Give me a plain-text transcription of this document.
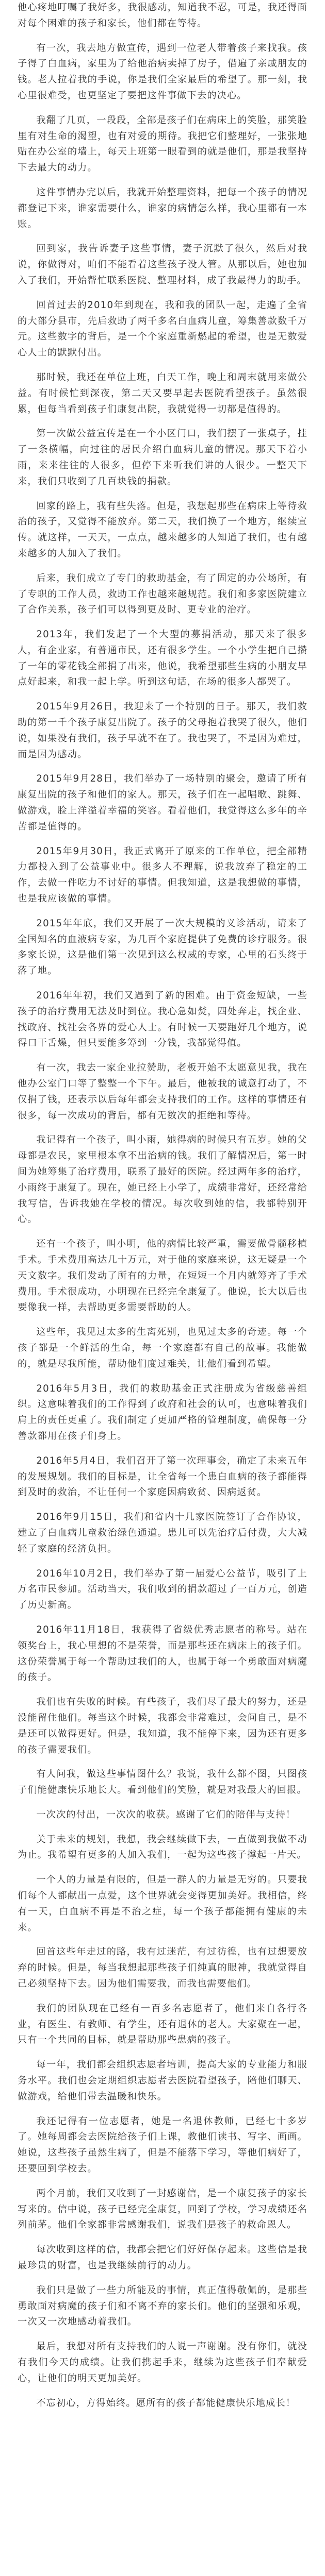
他心疼地叮嘱了我好多，我很感动，知道我不忍，可是，我还得面对每个困难的孩子和家长，他们都在等待。

有一次，我去地方做宣传，遇到一位老人带着孩子来找我。孩子得了白血病，家里为了给他治病卖掉了房子，借遍了亲戚朋友的钱。老人拉着我的手说，你是我们全家最后的希望了。那一刻，我心里很难受，也更坚定了要把这件事做下去的决心。

我翻了几页，一段段，全部是孩子们在病床上的笑脸，那笑脸里有对生命的渴望，也有对爱的期待。我把它们整理好，一张张地贴在办公室的墙上，每天上班第一眼看到的就是他们，那是我坚持下去最大的动力。

这件事情办完以后，我就开始整理资料，把每一个孩子的情况都登记下来，谁家需要什么，谁家的病情怎么样，我心里都有一本账。

回到家，我告诉妻子这些事情，妻子沉默了很久，然后对我说，你做得对，咱们不能看着这些孩子没人管。从那以后，她也加入了我们，开始帮忙联系医院、整理材料，成了我最得力的助手。

回首过去的2010年到现在，我和我的团队一起，走遍了全省的大部分县市，先后救助了两千多名白血病儿童，筹集善款数千万元。这些数字的背后，是一个个家庭重新燃起的希望，也是无数爱心人士的默默付出。

那时候，我还在单位上班，白天工作，晚上和周末就用来做公益。有时候忙到深夜，第二天又要早起去医院看望孩子。虽然很累，但每当看到孩子们康复出院，我就觉得一切都是值得的。

第一次做公益宣传是在一个小区门口，我们摆了一张桌子，挂了一条横幅，向过往的居民介绍白血病儿童的情况。那天下着小雨，来来往往的人很多，但停下来听我们讲的人很少。一整天下来，我们只收到了几百块钱的捐款。

回家的路上，我有些失落。但是，我想起那些在病床上等待救治的孩子，又觉得不能放弃。第二天，我们换了一个地方，继续宣传。就这样，一天天，一点点，越来越多的人知道了我们，也有越来越多的人加入了我们。

后来，我们成立了专门的救助基金，有了固定的办公场所，有了专职的工作人员，救助工作也越来越规范。我们和多家医院建立了合作关系，孩子们可以得到更及时、更专业的治疗。

2013年，我们发起了一个大型的募捐活动，那天来了很多人，有企业家，有普通市民，还有很多学生。一个小学生把自己攒了一年的零花钱全部捐了出来，他说，我希望那些生病的小朋友早点好起来，和我一起上学。听到这句话，在场的很多人都哭了。

2015年9月26日，我迎来了一个特别的日子。那天，我们救助的第一千个孩子康复出院了。孩子的父母抱着我哭了很久，他们说，如果没有我们，孩子早就不在了。我也哭了，不是因为难过，而是因为感动。

2015年9月28日，我们举办了一场特别的聚会，邀请了所有康复出院的孩子和他们的家人。那天，孩子们在一起唱歌、跳舞、做游戏，脸上洋溢着幸福的笑容。看着他们，我觉得这么多年的辛苦都是值得的。

2015年9月30日，我正式离开了原来的工作单位，把全部精力都投入到了公益事业中。很多人不理解，说我放弃了稳定的工作，去做一件吃力不讨好的事情。但我知道，这是我想做的事情，也是我应该做的事情。

2015年年底，我们又开展了一次大规模的义诊活动，请来了全国知名的血液病专家，为几百个家庭提供了免费的诊疗服务。很多家长说，这是他们第一次见到这么权威的专家，心里的石头终于落了地。

2016年年初，我们又遇到了新的困难。由于资金短缺，一些孩子的治疗费用无法及时到位。我心急如焚，四处奔走，找企业、找政府、找社会各界的爱心人士。有时候一天要跑好几个地方，说得口干舌燥，但只要能多筹到一分钱，我都觉得值。

有一次，我去一家企业拉赞助，老板开始不太愿意见我，我在他办公室门口等了整整一个下午。最后，他被我的诚意打动了，不仅捐了钱，还表示以后每年都会支持我们的工作。这样的事情还有很多，每一次成功的背后，都有无数次的拒绝和等待。

我记得有一个孩子，叫小雨，她得病的时候只有五岁。她的父母都是农民，家里根本拿不出治病的钱。我们了解情况后，第一时间为她筹集了治疗费用，联系了最好的医院。经过两年多的治疗，小雨终于康复了。现在，她已经上小学了，成绩非常好，还经常给我写信，告诉我她在学校的情况。每次收到她的信，我都特别开心。

还有一个孩子，叫小明，他的病情比较严重，需要做骨髓移植手术。手术费用高达几十万元，对于他的家庭来说，这无疑是一个天文数字。我们发动了所有的力量，在短短一个月内就筹齐了手术费用。手术很成功，小明现在已经完全康复了。他说，长大以后也要像我一样，去帮助更多需要帮助的人。

这些年，我见过太多的生离死别，也见过太多的奇迹。每一个孩子都是一个鲜活的生命，每一个家庭都有自己的故事。我能做的，就是尽我所能，帮助他们度过难关，让他们看到希望。

2016年5月3日，我们的救助基金正式注册成为省级慈善组织。这意味着我们的工作得到了政府和社会的认可，也意味着我们肩上的责任更重了。我们制定了更加严格的管理制度，确保每一分善款都用在孩子们身上。

2016年5月4日，我们召开了第一次理事会，确定了未来五年的发展规划。我们的目标是，让全省每一个患白血病的孩子都能得到及时的救治，不让任何一个家庭因病致贫、因病返贫。

2016年9月15日，我们和省内十几家医院签订了合作协议，建立了白血病儿童救治绿色通道。患儿可以先治疗后付费，大大减轻了家庭的经济负担。

2016年10月2日，我们举办了第一届爱心公益节，吸引了上万名市民参加。活动当天，我们收到的捐款超过了一百万元，创造了历史新高。

2016年11月18日，我获得了省级优秀志愿者的称号。站在领奖台上，我心里想的不是荣誉，而是那些还在病床上的孩子们。这份荣誉属于每一个帮助过我们的人，也属于每一个勇敢面对病魔的孩子。

我们也有失败的时候。有些孩子，我们尽了最大的努力，还是没能留住他们。每当这个时候，我都会非常难过，会问自己，是不是还可以做得更好。但是，我知道，我不能停下来，因为还有更多的孩子需要我们。

有人问我，做这些事情图什么？我说，我什么都不图，只图孩子们能健康快乐地长大。看到他们的笑脸，就是对我最大的回报。

一次次的付出，一次次的收获。感谢了它们的陪伴与支持！

关于未来的规划，我想，我会继续做下去，一直做到我做不动为止。我希望有更多的人加入我们，一起为这些孩子撑起一片天。

一个人的力量是有限的，但是一群人的力量是无穷的。只要我们每个人都献出一点爱，这个世界就会变得更加美好。我相信，终有一天，白血病不再是不治之症，每一个孩子都能拥有健康的未来。

回首这些年走过的路，我有过迷茫，有过彷徨，也有过想要放弃的时候。但是，每当我想起那些孩子们纯真的眼神，我就觉得自己必须坚持下去。因为他们需要我，而我也需要他们。

我们的团队现在已经有一百多名志愿者了，他们来自各行各业，有医生、有教师、有学生，还有退休的老人。大家聚在一起，只有一个共同的目标，就是帮助那些患病的孩子。

每一年，我们都会组织志愿者培训，提高大家的专业能力和服务水平。我们也会定期组织志愿者去医院看望孩子，陪他们聊天、做游戏，给他们带去温暖和快乐。

我还记得有一位志愿者，她是一名退休教师，已经七十多岁了。她每周都会去医院给孩子们上课，教他们读书、写字、画画。她说，这些孩子虽然生病了，但是不能落下学习，等他们病好了，还要回到学校去。

两个月前，我们又收到了一封感谢信，是一个康复孩子的家长写来的。信中说，孩子已经完全康复，回到了学校，学习成绩还名列前茅。他们全家都非常感谢我们，说我们是孩子的救命恩人。

每次收到这样的信，我都会把它们好好保存起来。这些信是我最珍贵的财富，也是我继续前行的动力。

我们只是做了一些力所能及的事情，真正值得敬佩的，是那些勇敢面对病魔的孩子们和不离不弃的家长们。他们的坚强和乐观，一次又一次地感动着我们。

最后，我想对所有支持我们的人说一声谢谢。没有你们，就没有我们今天的成绩。让我们携起手来，继续为这些孩子们奉献爱心，让他们的明天更加美好。

不忘初心，方得始终。愿所有的孩子都能健康快乐地成长！
